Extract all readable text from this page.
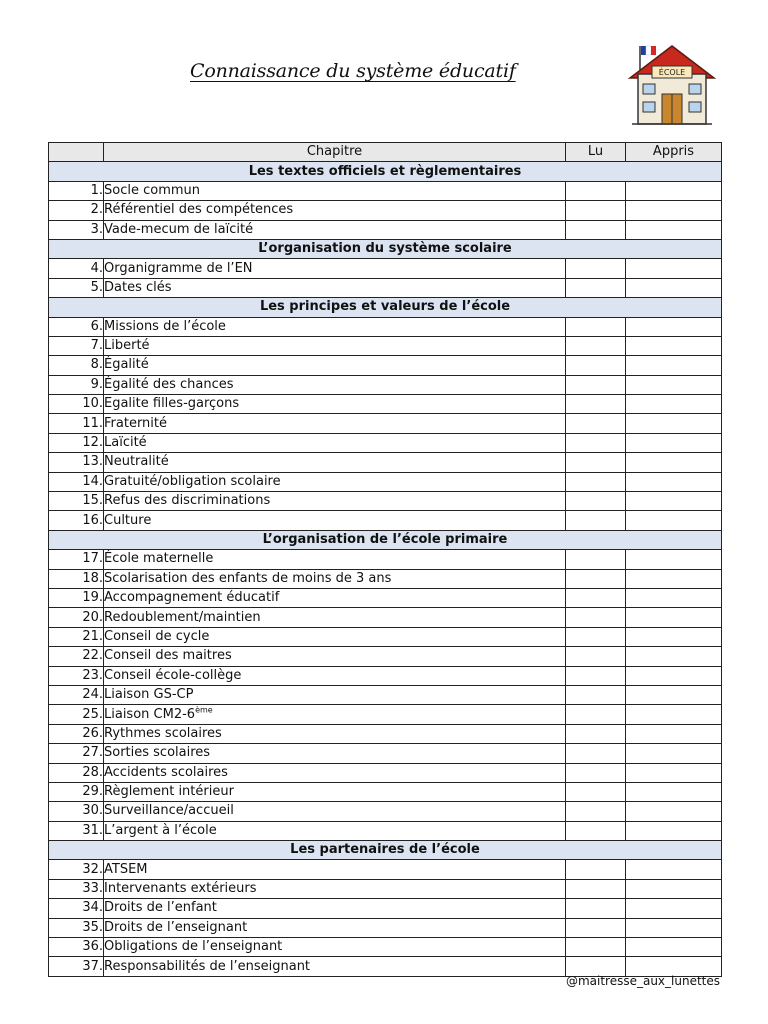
Connaissance du système éducatif	ÉCOLE
	Chapitre	Lu	Appris
Les textes officiels et règlementaires			
1.	Socle commun		
2.	Référentiel des compétences		
3.	Vade-mecum de laïcité		
L’organisation du système scolaire			
4.	Organigramme de l’EN		
5.	Dates clés		
Les principes et valeurs de l’école			
6.	Missions de l’école		
7.	Liberté		
8.	Égalité		
9.	Égalité des chances		
10.	Egalite filles-garçons		
11.	Fraternité		
12.	Laïcité		
13.	Neutralité		
14.	Gratuité/obligation scolaire		
15.	Refus des discriminations		
16.	Culture		
L’organisation de l’école primaire			
17.	École maternelle		
18.	Scolarisation des enfants de moins de 3 ans		
19.	Accompagnement éducatif		
20.	Redoublement/maintien		
21.	Conseil de cycle		
22.	Conseil des maitres		
23.	Conseil école-collège		
24.	Liaison GS-CP		
25.	Liaison CM2-6ème		
26.	Rythmes scolaires		
27.	Sorties scolaires		
28.	Accidents scolaires		
29.	Règlement intérieur		
30.	Surveillance/accueil		
31.	L’argent à l’école		
Les partenaires de l’école			
32.	ATSEM		
33.	Intervenants extérieurs		
34.	Droits de l’enfant		
35.	Droits de l’enseignant		
36.	Obligations de l’enseignant		
37.	Responsabilités de l’enseignant		
@maitresse_aux_lunettes
